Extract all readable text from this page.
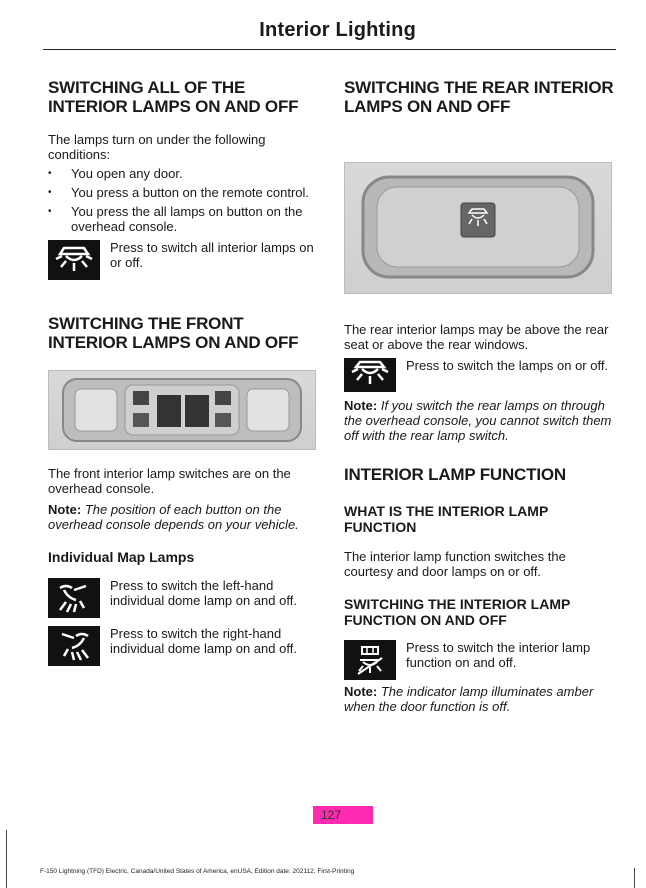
Interior Lighting
SWITCHING ALL OF THE INTERIOR LAMPS ON AND OFF

The lamps turn on under the following conditions:

• You open any door.
• You press a button on the remote control.
• You press the all lamps on button on the overhead console.
Press to switch all interior lamps on or off.
SWITCHING THE FRONT INTERIOR LAMPS ON AND OFF

The front interior lamp switches are on the overhead console.

Note: The position of each button on the overhead console depends on your vehicle.

Individual Map Lamps
Press to switch the left-hand individual dome lamp on and off.
Press to switch the right-hand individual dome lamp on and off.
SWITCHING THE REAR INTERIOR LAMPS ON AND OFF

The rear interior lamps may be above the rear seat or above the rear windows.

Press to switch the lamps on or off.

Note: If you switch the rear lamps on through the overhead console, you cannot switch them off with the rear lamp switch.

INTERIOR LAMP FUNCTION
WHAT IS THE INTERIOR LAMP FUNCTION

The interior lamp function switches the courtesy and door lamps on or off.

SWITCHING THE INTERIOR LAMP FUNCTION ON AND OFF
Press to switch the interior lamp function on and off.

Note: The indicator lamp illuminates amber when the door function is off.

127
F-150 Lightning (TFD) Electric, Canada/United States of America, enUSA, Edition date: 202112, First-Printing
